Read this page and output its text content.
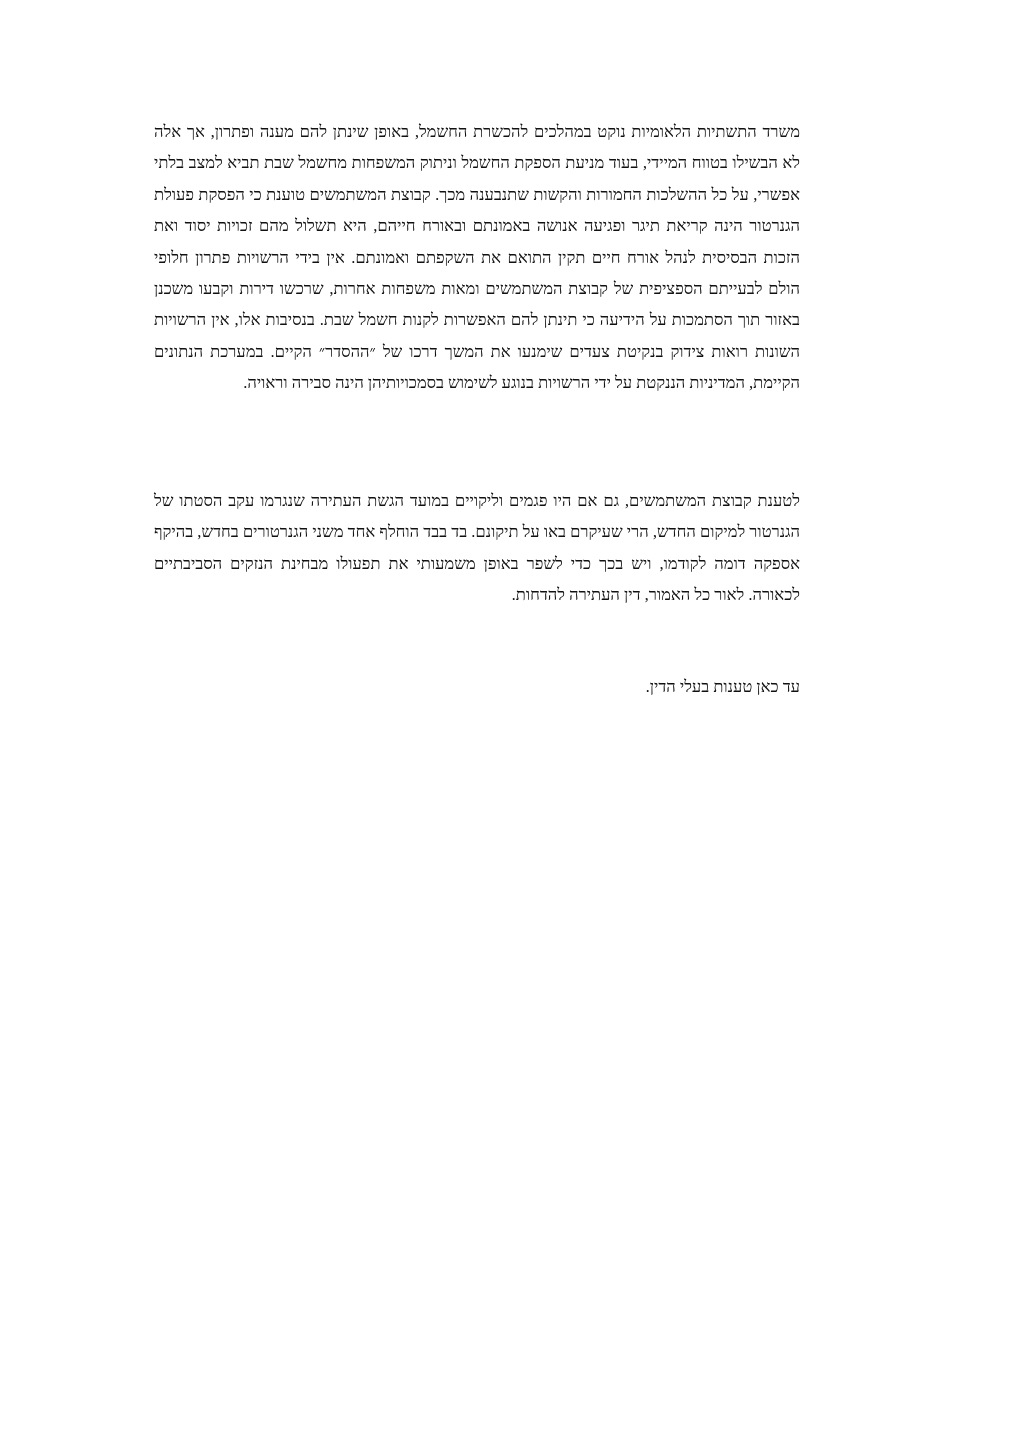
משרד התשתיות הלאומיות נוקט במהלכים להכשרת החשמל, באופן שינתן להם מענה ופתרון, אך אלה לא הבשילו בטווח המיידי, בעוד מניעת הספקת החשמל וניתוק המשפחות מחשמל שבת תביא למצב בלתי אפשרי, על כל ההשלכות החמורות והקשות שתנבענה מכך. קבוצת המשתמשים טוענת כי הפסקת פעולת הגנרטור הינה קריאת תיגר ופגיעה אנושה באמונתם ובאורח חייהם, היא תשלול מהם זכויות יסוד ואת הזכות הבסיסית לנהל אורח חיים תקין התואם את השקפתם ואמונתם. אין בידי הרשויות פתרון חלופי הולם לבעייתם הספציפית של קבוצת המשתמשים ומאות משפחות אחרות, שרכשו דירות וקבעו משכנן באזור תוך הסתמכות על הידיעה כי תינתן להם האפשרות לקנות חשמל שבת. בנסיבות אלו, אין הרשויות השונות רואות צידוק בנקיטת צעדים שימנעו את המשך דרכו של ״ההסדר״ הקיים. במערכת הנתונים הקיימת, המדיניות הננקטת על ידי הרשויות בנוגע לשימוש בסמכויותיהן הינה סבירה וראויה.

לטענת קבוצת המשתמשים, גם אם היו פגמים וליקויים במועד הגשת העתירה שנגרמו עקב הסטתו של הגנרטור למיקום החדש, הרי שעיקרם באו על תיקונם. בד בבד הוחלף אחד משני הגנרטורים בחדש, בהיקף אספקה דומה לקודמו, ויש בכך כדי לשפר באופן משמעותי את תפעולו מבחינת הנזקים הסביבתיים לכאורה. לאור כל האמור, דין העתירה להדחות.

עד כאן טענות בעלי הדין.
